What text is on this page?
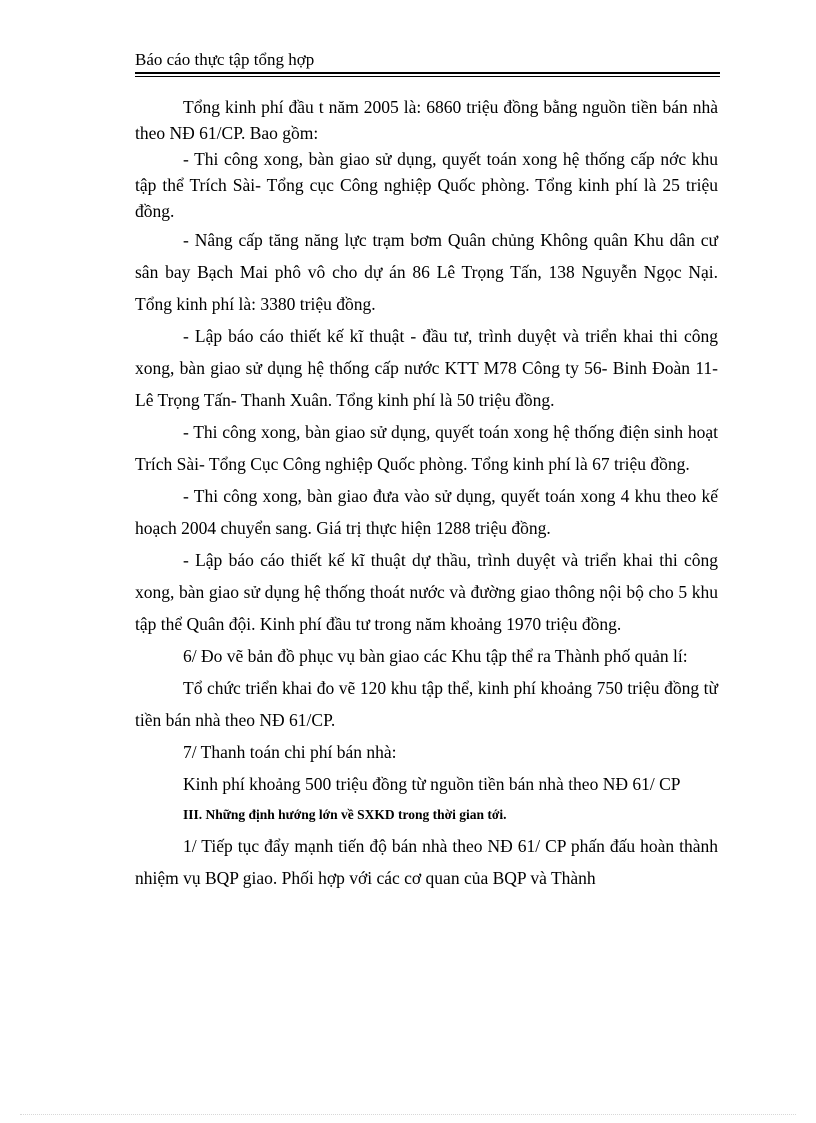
Báo cáo thực tập tổng hợp

Tổng kinh phí đầu t năm 2005 là: 6860 triệu đồng bằng nguồn tiền bán nhà theo NĐ 61/CP. Bao gồm:

- Thi công xong, bàn giao sử dụng, quyết toán xong hệ thống cấp nớc khu tập thể Trích Sài- Tổng cục Công nghiệp Quốc phòng. Tổng kinh phí là 25 triệu đồng.

- Nâng cấp tăng năng lực trạm bơm Quân chủng Không quân Khu dân cư sân bay Bạch Mai phô vô cho dự án 86 Lê Trọng Tấn, 138 Nguyễn Ngọc Nại. Tổng kinh phí là: 3380 triệu đồng.

- Lập báo cáo thiết kế kĩ thuật - đầu tư, trình duyệt và triển khai thi công xong, bàn giao sử dụng hệ thống cấp nước KTT M78 Công ty 56- Binh Đoàn 11- Lê Trọng Tấn- Thanh Xuân. Tổng kinh phí là 50 triệu đồng.

- Thi công xong, bàn giao sử dụng, quyết toán xong hệ thống điện sinh hoạt Trích Sài- Tổng Cục Công nghiệp Quốc phòng. Tổng kinh phí là 67 triệu đồng.

- Thi công xong, bàn giao đưa vào sử dụng, quyết toán xong 4 khu theo kế hoạch 2004 chuyển sang. Giá trị thực hiện 1288 triệu đồng.

- Lập báo cáo thiết kế kĩ thuật dự thầu, trình duyệt và triển khai thi công xong, bàn giao sử dụng hệ thống thoát nước và đường giao thông nội bộ cho 5 khu tập thể Quân đội. Kinh phí đầu tư trong năm khoảng 1970 triệu đồng.

6/ Đo vẽ bản đồ phục vụ bàn giao các Khu tập thể ra Thành phố quản lí:

Tổ chức triển khai đo vẽ 120 khu tập thể, kinh phí khoảng 750 triệu đồng từ tiền bán nhà theo NĐ 61/CP.

7/ Thanh toán chi phí bán nhà:

Kinh phí khoảng 500 triệu đồng từ nguồn tiền bán nhà theo NĐ 61/ CP

III. Những định hướng lớn về SXKD trong thời gian tới.

1/ Tiếp tục đẩy mạnh tiến độ bán nhà theo NĐ 61/ CP phấn đấu hoàn thành nhiệm vụ BQP giao. Phối hợp với các cơ quan của BQP và Thành
